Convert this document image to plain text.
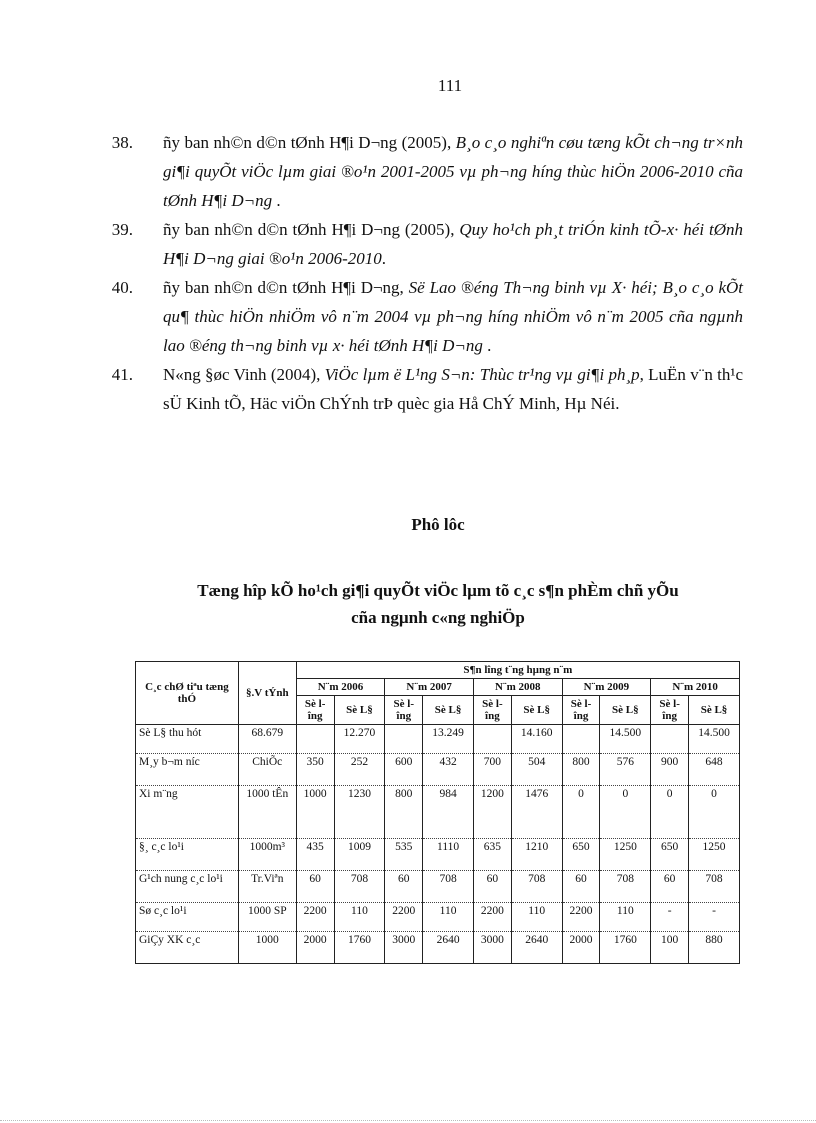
111
38. ñy ban nh©n d©n tØnh H¶i D¬ng (2005), B¸o c¸o nghiªn cøu tæng kÕt ch¬ng tr×nh gi¶i quyÕt viÖc lµm giai ®o¹n 2001-2005 vµ ph¬ng híng thùc hiÖn 2006-2010 cña tØnh H¶i D¬ng .
39. ñy ban nh©n d©n tØnh H¶i D¬ng (2005), Quy ho¹ch ph¸t triÓn kinh tÕ-x· héi tØnh H¶i D¬ng giai ®o¹n 2006-2010.
40. ñy ban nh©n d©n tØnh H¶i D¬ng, Së Lao ®éng Th¬ng binh vµ X· héi; B¸o c¸o kÕt qu¶ thùc hiÖn nhiÖm vô n¨m 2004 vµ ph¬ng híng nhiÖm vô n¨m 2005 cña ngµnh lao ®éng th¬ng binh vµ x· héi tØnh H¶i D¬ng .
41. N«ng §øc Vinh (2004), ViÖc lµm ë L¹ng S¬n: Thùc tr¹ng vµ gi¶i ph¸p, LuËn v¨n th¹c sÜ Kinh tÕ, Häc viÖn ChÝnh trÞ quèc gia Hå ChÝ Minh, Hµ Néi.
Phô lôc
Tæng hîp kÕ ho¹ch gi¶i quyÕt viÖc lµm tõ c¸c s¶n phÈm chñ yÕu
cña ngµnh c«ng nghiÖp
C¸c chØ tiªu tæng thÓ	§.V tÝnh	S¶n lîng t¨ng hµng n¨m									
		N¨m 2006		N¨m 2007		N¨m 2008		N¨m 2009		N¨m 2010	
		Sè lîng	Sè L§	Sè lîng	Sè L§	Sè lîng	Sè L§	Sè lîng	Sè L§	Sè lîng	Sè L§
Sè L§ thu hót	68.679		12.270		13.249		14.160		14.500		14.500
M¸y b¬m níc	ChiÕc	350	252	600	432	700	504	800	576	900	648
Xi m¨ng	1000 tÊn	1000	1230	800	984	1200	1476	0	0	0	0
§¸ c¸c lo¹i	1000m³	435	1009	535	1110	635	1210	650	1250	650	1250
G¹ch nung c¸c lo¹i	Tr.Viªn	60	708	60	708	60	708	60	708	60	708
Sø c¸c lo¹i	1000 SP	2200	110	2200	110	2200	110	2200	110	-	-
GiÇy XK c¸c	1000	2000	1760	3000	2640	3000	2640	2000	1760	100	880
